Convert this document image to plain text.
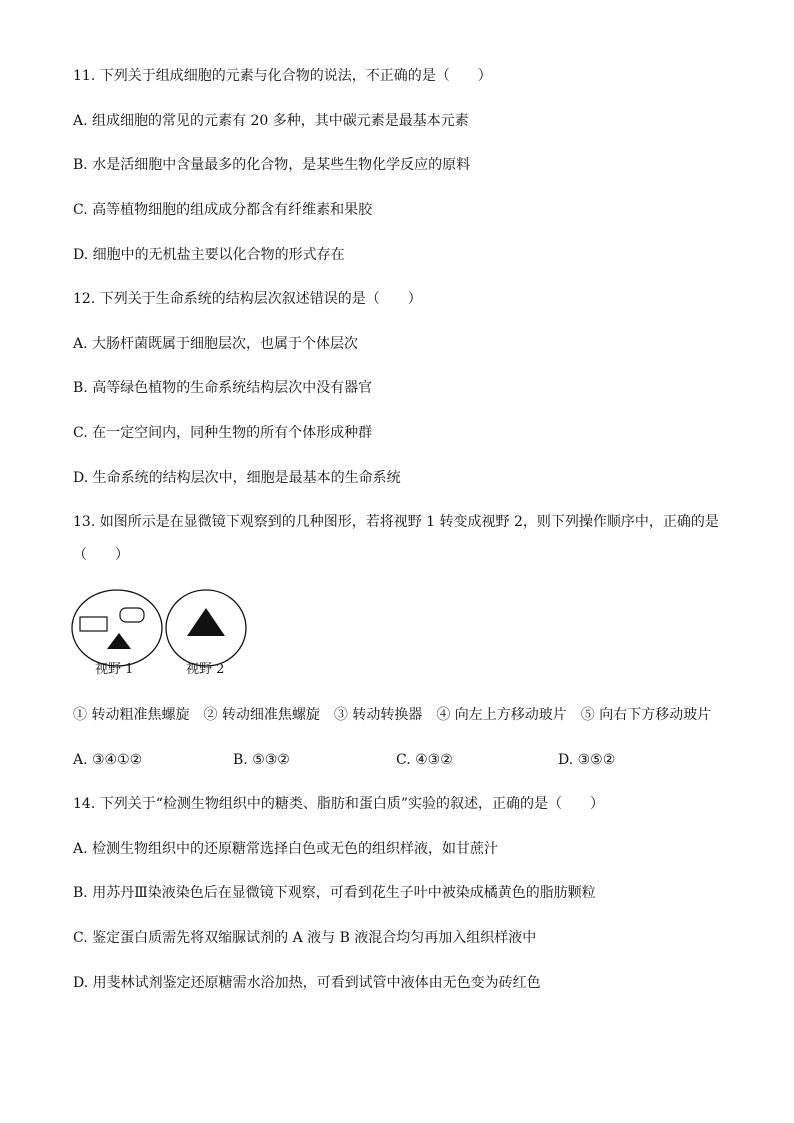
11. 下列关于组成细胞的元素与化合物的说法，不正确的是（　　）
A. 组成细胞的常见的元素有 20 多种，其中碳元素是最基本元素
B. 水是活细胞中含量最多的化合物，是某些生物化学反应的原料
C. 高等植物细胞的组成成分都含有纤维素和果胶
D. 细胞中的无机盐主要以化合物的形式存在
12. 下列关于生命系统的结构层次叙述错误的是（　　）
A. 大肠杆菌既属于细胞层次，也属于个体层次
B. 高等绿色植物的生命系统结构层次中没有器官
C. 在一定空间内，同种生物的所有个体形成种群
D. 生命系统的结构层次中，细胞是最基本的生命系统
13. 如图所示是在显微镜下观察到的几种图形，若将视野 1 转变成视野 2，则下列操作顺序中，正确的是
（　　）
视野 1	视野 2
① 转动粗准焦螺旋　② 转动细准焦螺旋　③ 转动转换器　④ 向左上方移动玻片　⑤ 向右下方移动玻片
A. ③④①②	B. ⑤③②	C. ④③②	D. ③⑤②
14. 下列关于“检测生物组织中的糖类、脂肪和蛋白质”实验的叙述，正确的是（　　）
A. 检测生物组织中的还原糖常选择白色或无色的组织样液，如甘蔗汁
B. 用苏丹Ⅲ染液染色后在显微镜下观察，可看到花生子叶中被染成橘黄色的脂肪颗粒
C. 鉴定蛋白质需先将双缩脲试剂的 A 液与 B 液混合均匀再加入组织样液中
D. 用斐林试剂鉴定还原糖需水浴加热，可看到试管中液体由无色变为砖红色
